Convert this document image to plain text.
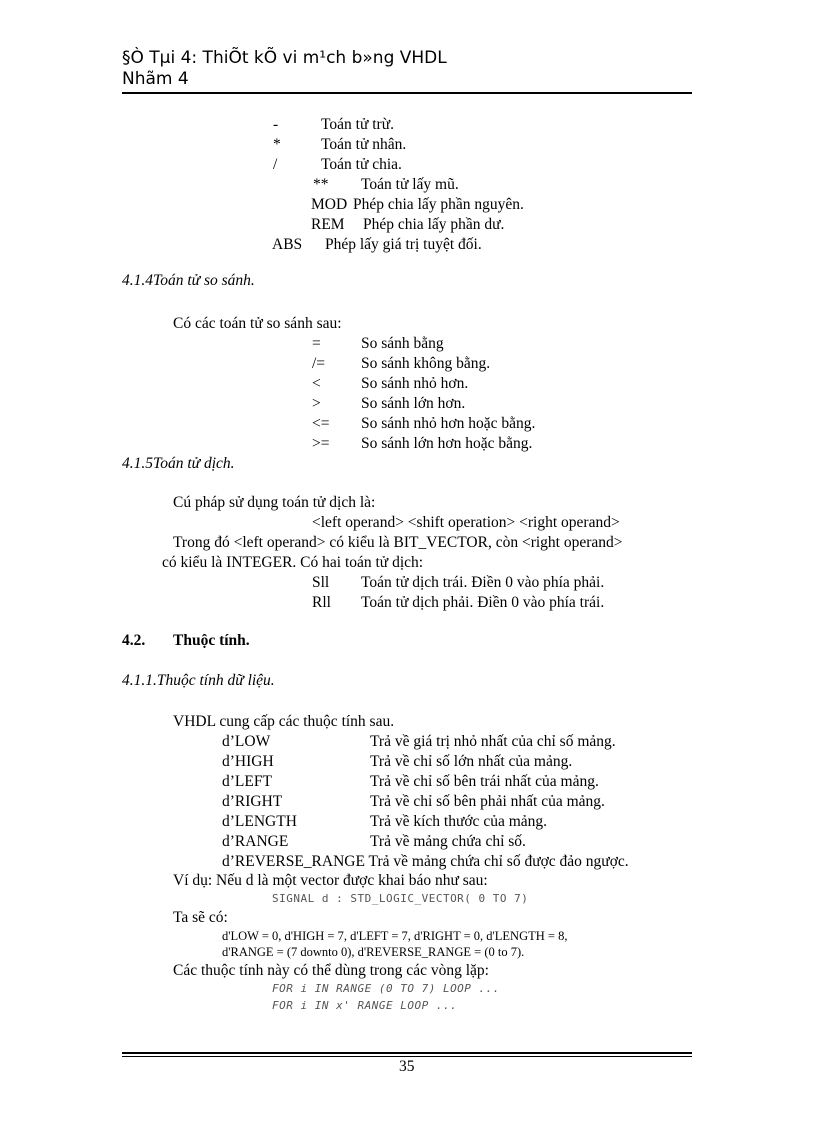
§Ò Tµi 4: ThiÕt kÕ vi m¹ch b»ng VHDL
Nhãm 4
-	Toán tử trừ.
*	Toán tử nhân.
/	Toán tử chia.
** Toán tử lấy mũ.
MOD Phép chia lấy phần nguyên.
REM Phép chia lấy phần dư.
ABS Phép lấy giá trị tuyệt đối.
4.1.4Toán tử so sánh.
Có các toán tử so sánh sau:
=	So sánh bằng
/= So sánh không bằng.
<	So sánh nhỏ hơn.
>	So sánh lớn hơn.
<= So sánh nhỏ hơn hoặc bằng.
>= So sánh lớn hơn hoặc bằng.
4.1.5Toán tử dịch.
Cú pháp sử dụng toán tử dịch là:
<left operand> <shift operation> <right operand>
Trong đó <left operand> có kiểu là BIT_VECTOR, còn <right operand>
có kiểu là INTEGER. Có hai toán tử dịch:
Sll Toán tử dịch trái. Điền 0 vào phía phải.
Rll Toán tử dịch phải. Điền 0 vào phía trái.
4.2. Thuộc tính.
4.1.1.Thuộc tính dữ liệu.
VHDL cung cấp các thuộc tính sau.
d’LOW	Trả về giá trị nhỏ nhất của chỉ số mảng.
d’HIGH	Trả về chỉ số lớn nhất của mảng.
d’LEFT	Trả về chỉ số bên trái nhất của mảng.
d’RIGHT	Trả về chỉ số bên phải nhất của mảng.
d’LENGTH	Trả về kích thước của mảng.
d’RANGE	Trả về mảng chứa chỉ số.
d’REVERSE_RANGE Trả về mảng chứa chỉ số được đảo ngược.
Ví dụ: Nếu d là một vector được khai báo như sau:
SIGNAL d : STD_LOGIC_VECTOR( 0 TO 7)
Ta sẽ có:
d'LOW = 0, d'HIGH = 7, d'LEFT = 7, d'RIGHT = 0, d'LENGTH = 8,
d'RANGE = (7 downto 0), d'REVERSE_RANGE = (0 to 7).
Các thuộc tính này có thể dùng trong các vòng lặp:
FOR i IN RANGE (0 TO 7) LOOP ...
FOR i IN x' RANGE LOOP ...
35
